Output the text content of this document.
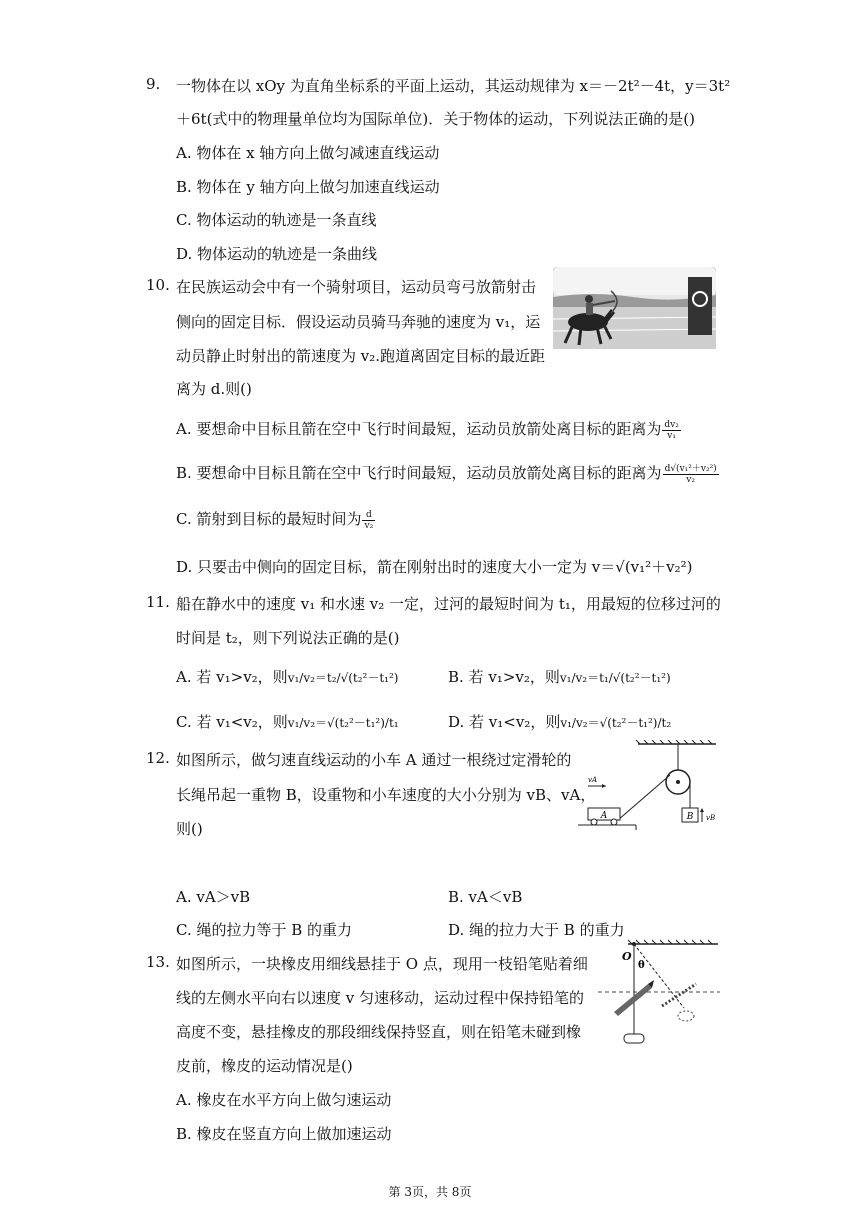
9. 一物体在以 xOy 为直角坐标系的平面上运动，其运动规律为 x＝－2t²－4t，y＝3t²
＋6t(式中的物理量单位均为国际单位)．关于物体的运动，下列说法正确的是()
A. 物体在 x 轴方向上做匀减速直线运动
B. 物体在 y 轴方向上做匀加速直线运动
C. 物体运动的轨迹是一条直线
D. 物体运动的轨迹是一条曲线
10. 在民族运动会中有一个骑射项目，运动员弯弓放箭射击
侧向的固定目标．假设运动员骑马奔驰的速度为 v₁，运
动员静止时射出的箭速度为 v₂.跑道离固定目标的最近距
离为 d.则()
A. 要想命中目标且箭在空中飞行时间最短，运动员放箭处离目标的距离为 $\frac{\text{dv₂}}{\text{v₁}}$
B. 要想命中目标且箭在空中飞行时间最短，运动员放箭处离目标的距离为 $\frac{\text{d√(v₁²＋v₂²)}}{\text{v₂}}$
C. 箭射到目标的最短时间为 $\frac{d}{\text{v₂}}$
D. 只要击中侧向的固定目标，箭在刚射出时的速度大小一定为 v＝√(v₁²＋v₂²)
11. 船在静水中的速度 v₁ 和水速 v₂ 一定，过河的最短时间为 t₁，用最短的位移过河的
时间是 t₂，则下列说法正确的是()
A. 若 v₁>v₂，则v₁/v₂＝t₂/√(t₂²－t₁²)	B. 若 v₁>v₂，则v₁/v₂＝t₁/√(t₂²－t₁²)
C. 若 v₁<v₂，则v₁/v₂＝√(t₂²－t₁²)/t₁	D. 若 v₁<v₂，则v₁/v₂＝√(t₂²－t₁²)/t₂
12. 如图所示，做匀速直线运动的小车 A 通过一根绕过定滑轮的
长绳吊起一重物 B，设重物和小车速度的大小分别为 vB、vA，
则()
B vB
A
vA
A. vA＞vB	B. vA＜vB
C. 绳的拉力等于 B 的重力	D. 绳的拉力大于 B 的重力
13. 如图所示，一块橡皮用细线悬挂于 O 点，现用一枝铅笔贴着细
线的左侧水平向右以速度 v 匀速移动，运动过程中保持铅笔的
高度不变，悬挂橡皮的那段细线保持竖直，则在铅笔未碰到橡
皮前，橡皮的运动情况是()
O
θ
A. 橡皮在水平方向上做匀速运动
B. 橡皮在竖直方向上做加速运动
第 3页，共 8页
